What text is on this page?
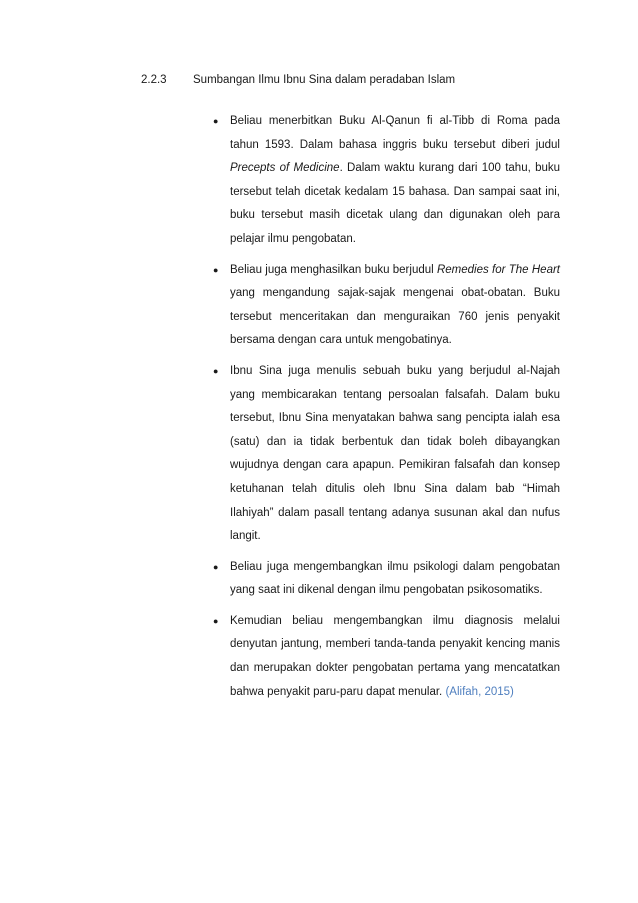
2.2.3 Sumbangan Ilmu Ibnu Sina dalam peradaban Islam
● Beliau menerbitkan Buku Al-Qanun fi al-Tibb di Roma pada tahun 1593. Dalam bahasa inggris buku tersebut diberi judul Precepts of Medicine. Dalam waktu kurang dari 100 tahu, buku tersebut telah dicetak kedalam 15 bahasa. Dan sampai saat ini, buku tersebut masih dicetak ulang dan digunakan oleh para pelajar ilmu pengobatan.

● Beliau juga menghasilkan buku berjudul Remedies for The Heart yang mengandung sajak-sajak mengenai obat-obatan. Buku tersebut menceritakan dan menguraikan 760 jenis penyakit bersama dengan cara untuk mengobatinya.

● Ibnu Sina juga menulis sebuah buku yang berjudul al-Najah yang membicarakan tentang persoalan falsafah. Dalam buku tersebut, Ibnu Sina menyatakan bahwa sang pencipta ialah esa (satu) dan ia tidak berbentuk dan tidak boleh dibayangkan wujudnya dengan cara apapun. Pemikiran falsafah dan konsep ketuhanan telah ditulis oleh Ibnu Sina dalam bab “Himah Ilahiyah” dalam pasall tentang adanya susunan akal dan nufus langit.

● Beliau juga mengembangkan ilmu psikologi dalam pengobatan yang saat ini dikenal dengan ilmu pengobatan psikosomatiks.

● Kemudian beliau mengembangkan ilmu diagnosis melalui denyutan jantung, memberi tanda-tanda penyakit kencing manis dan merupakan dokter pengobatan pertama yang mencatatkan bahwa penyakit paru-paru dapat menular. (Alifah, 2015)
